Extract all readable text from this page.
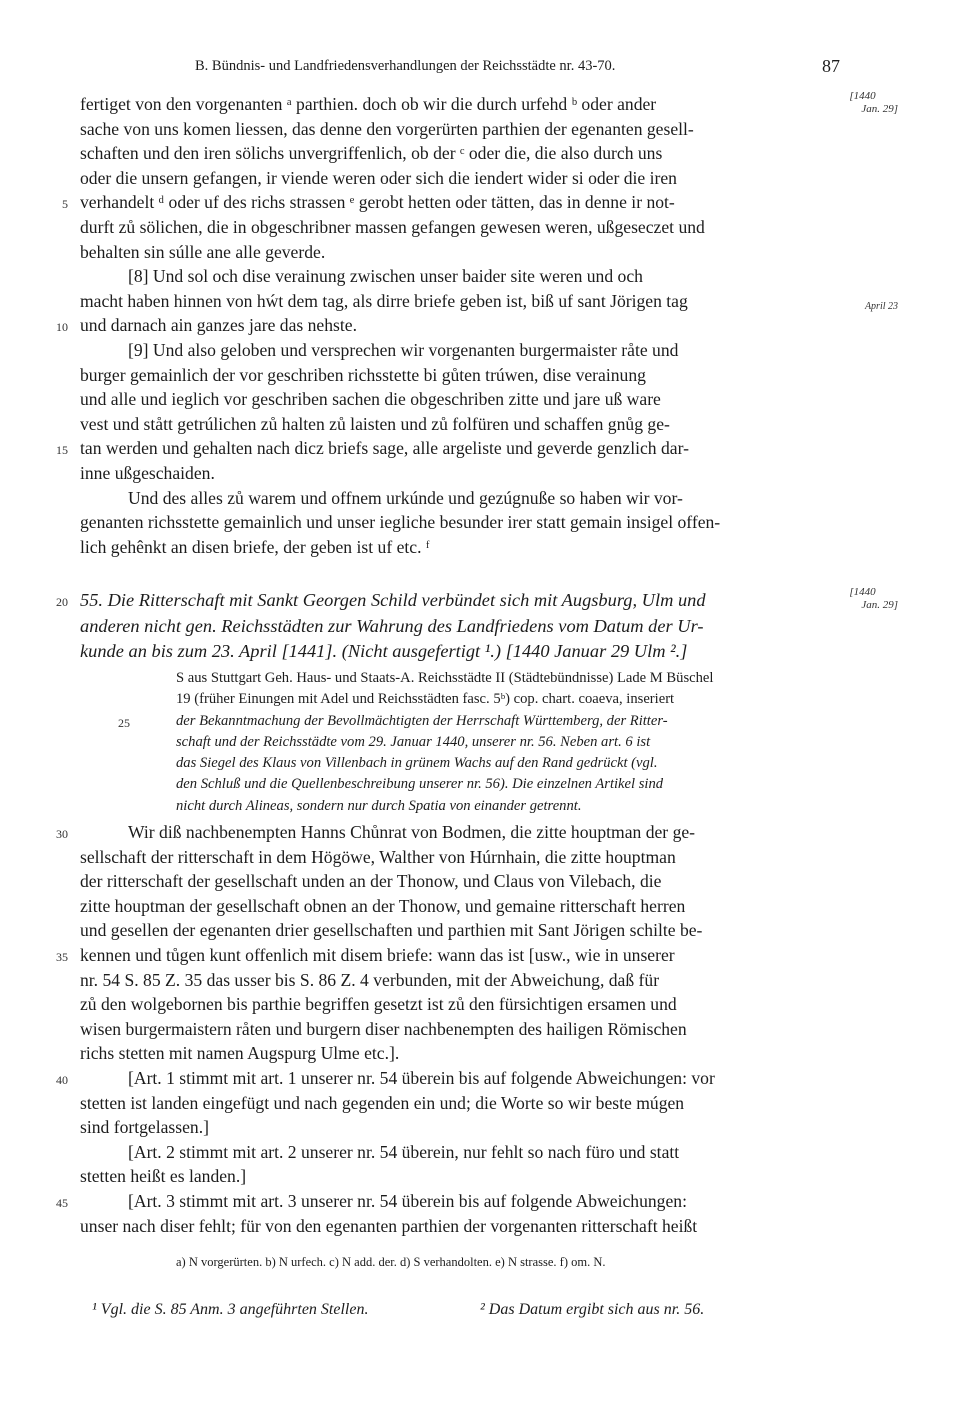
B. Bündnis- und Landfriedensverhandlungen der Reichsstädte nr. 43-70.	87
fertiget von den vorgenanten ᵃ parthien. doch ob wir die durch urfehd ᵇ oder ander	[1440
Jan. 29]
sache von uns komen liessen, das denne den vorgerürten parthien der egenanten gesell-
schaften und den iren sölichs unvergriffenlich, ob der ᶜ oder die, die also durch uns
oder die unsern gefangen, ir viende weren oder sich die iendert wider si oder die iren
5 verhandelt ᵈ oder uf des richs strassen ᵉ gerobt hetten oder tätten, das in denne ir not-
durft zů sölichen, die in obgeschribner massen gefangen gewesen weren, ußgeseczet und
behalten sin súlle ane alle geverde.
[8] Und sol och dise verainung zwischen unser baider site weren und och
macht haben hinnen von hẃt dem tag, als dirre briefe geben ist, biß uf sant Jörigen tag	April 23
10 und darnach ain ganzes jare das nehste.
[9] Und also geloben und versprechen wir vorgenanten burgermaister råte und
burger gemainlich der vor geschriben richsstette bi gůten trúwen, dise verainung
und alle und ieglich vor geschriben sachen die obgeschriben zitte und jare uß ware
vest und stått getrúlichen zů halten zů laisten und zů folfüren und schaffen gnůg ge-
15 tan werden und gehalten nach dicz briefs sage, alle argeliste und geverde genzlich dar-
inne ußgeschaiden.
Und des alles zů warem und offnem urkúnde und gezúgnuße so haben wir vor-
genanten richsstette gemainlich und unser iegliche besunder irer statt gemain insigel offen-
lich gehênkt an disen briefe, der geben ist uf etc. ᶠ
20 55. Die Ritterschaft mit Sankt Georgen Schild verbündet sich mit Augsburg, Ulm und	[1440
Jan. 29]
anderen nicht gen. Reichsstädten zur Wahrung des Landfriedens vom Datum der Ur-
kunde an bis zum 23. April [1441]. (Nicht ausgefertigt ¹.) [1440 Januar 29 Ulm ².]
S aus Stuttgart Geh. Haus- und Staats-A. Reichsstädte II (Städtebündnisse) Lade M Büschel
19 (früher Einungen mit Adel und Reichsstädten fasc. 5ᵇ) cop. chart. coaeva, inseriert
25	der Bekanntmachung der Bevollmächtigten der Herrschaft Württemberg, der Ritter-
schaft und der Reichsstädte vom 29. Januar 1440, unserer nr. 56. Neben art. 6 ist
das Siegel des Klaus von Villenbach in grünem Wachs auf den Rand gedrückt (vgl.
den Schluß und die Quellenbeschreibung unserer nr. 56). Die einzelnen Artikel sind
nicht durch Alineas, sondern nur durch Spatia von einander getrennt.
30	Wir diß nachbenempten Hanns Chůnrat von Bodmen, die zitte houptman der ge-
sellschaft der ritterschaft in dem Högöwe, Walther von Húrnhain, die zitte houptman
der ritterschaft der gesellschaft unden an der Thonow, und Claus von Vilebach, die
zitte houptman der gesellschaft obnen an der Thonow, und gemaine ritterschaft herren
und gesellen der egenanten drier gesellschaften und parthien mit Sant Jörigen schilte be-
35 kennen und tůgen kunt offenlich mit disem briefe: wann das ist [usw., wie in unserer
nr. 54 S. 85 Z. 35 das usser bis S. 86 Z. 4 verbunden, mit der Abweichung, daß für
zů den wolgebornen bis parthie begriffen gesetzt ist zů den fürsichtigen ersamen und
wisen burgermaistern råten und burgern diser nachbenempten des hailigen Römischen
richs stetten mit namen Augspurg Ulme etc.].
40	[Art. 1 stimmt mit art. 1 unserer nr. 54 überein bis auf folgende Abweichungen: vor
stetten ist landen eingefügt und nach gegenden ein und; die Worte so wir beste múgen
sind fortgelassen.]
[Art. 2 stimmt mit art. 2 unserer nr. 54 überein, nur fehlt so nach füro und statt
stetten heißt es landen.]
45	[Art. 3 stimmt mit art. 3 unserer nr. 54 überein bis auf folgende Abweichungen:
unser nach diser fehlt; für von den egenanten parthien der vorgenanten ritterschaft heißt
a) N vorgerürten. b) N urfech. c) N add. der. d) S verhandolten. e) N strasse. f) om. N.
¹ Vgl. die S. 85 Anm. 3 angeführten Stellen.	² Das Datum ergibt sich aus nr. 56.
